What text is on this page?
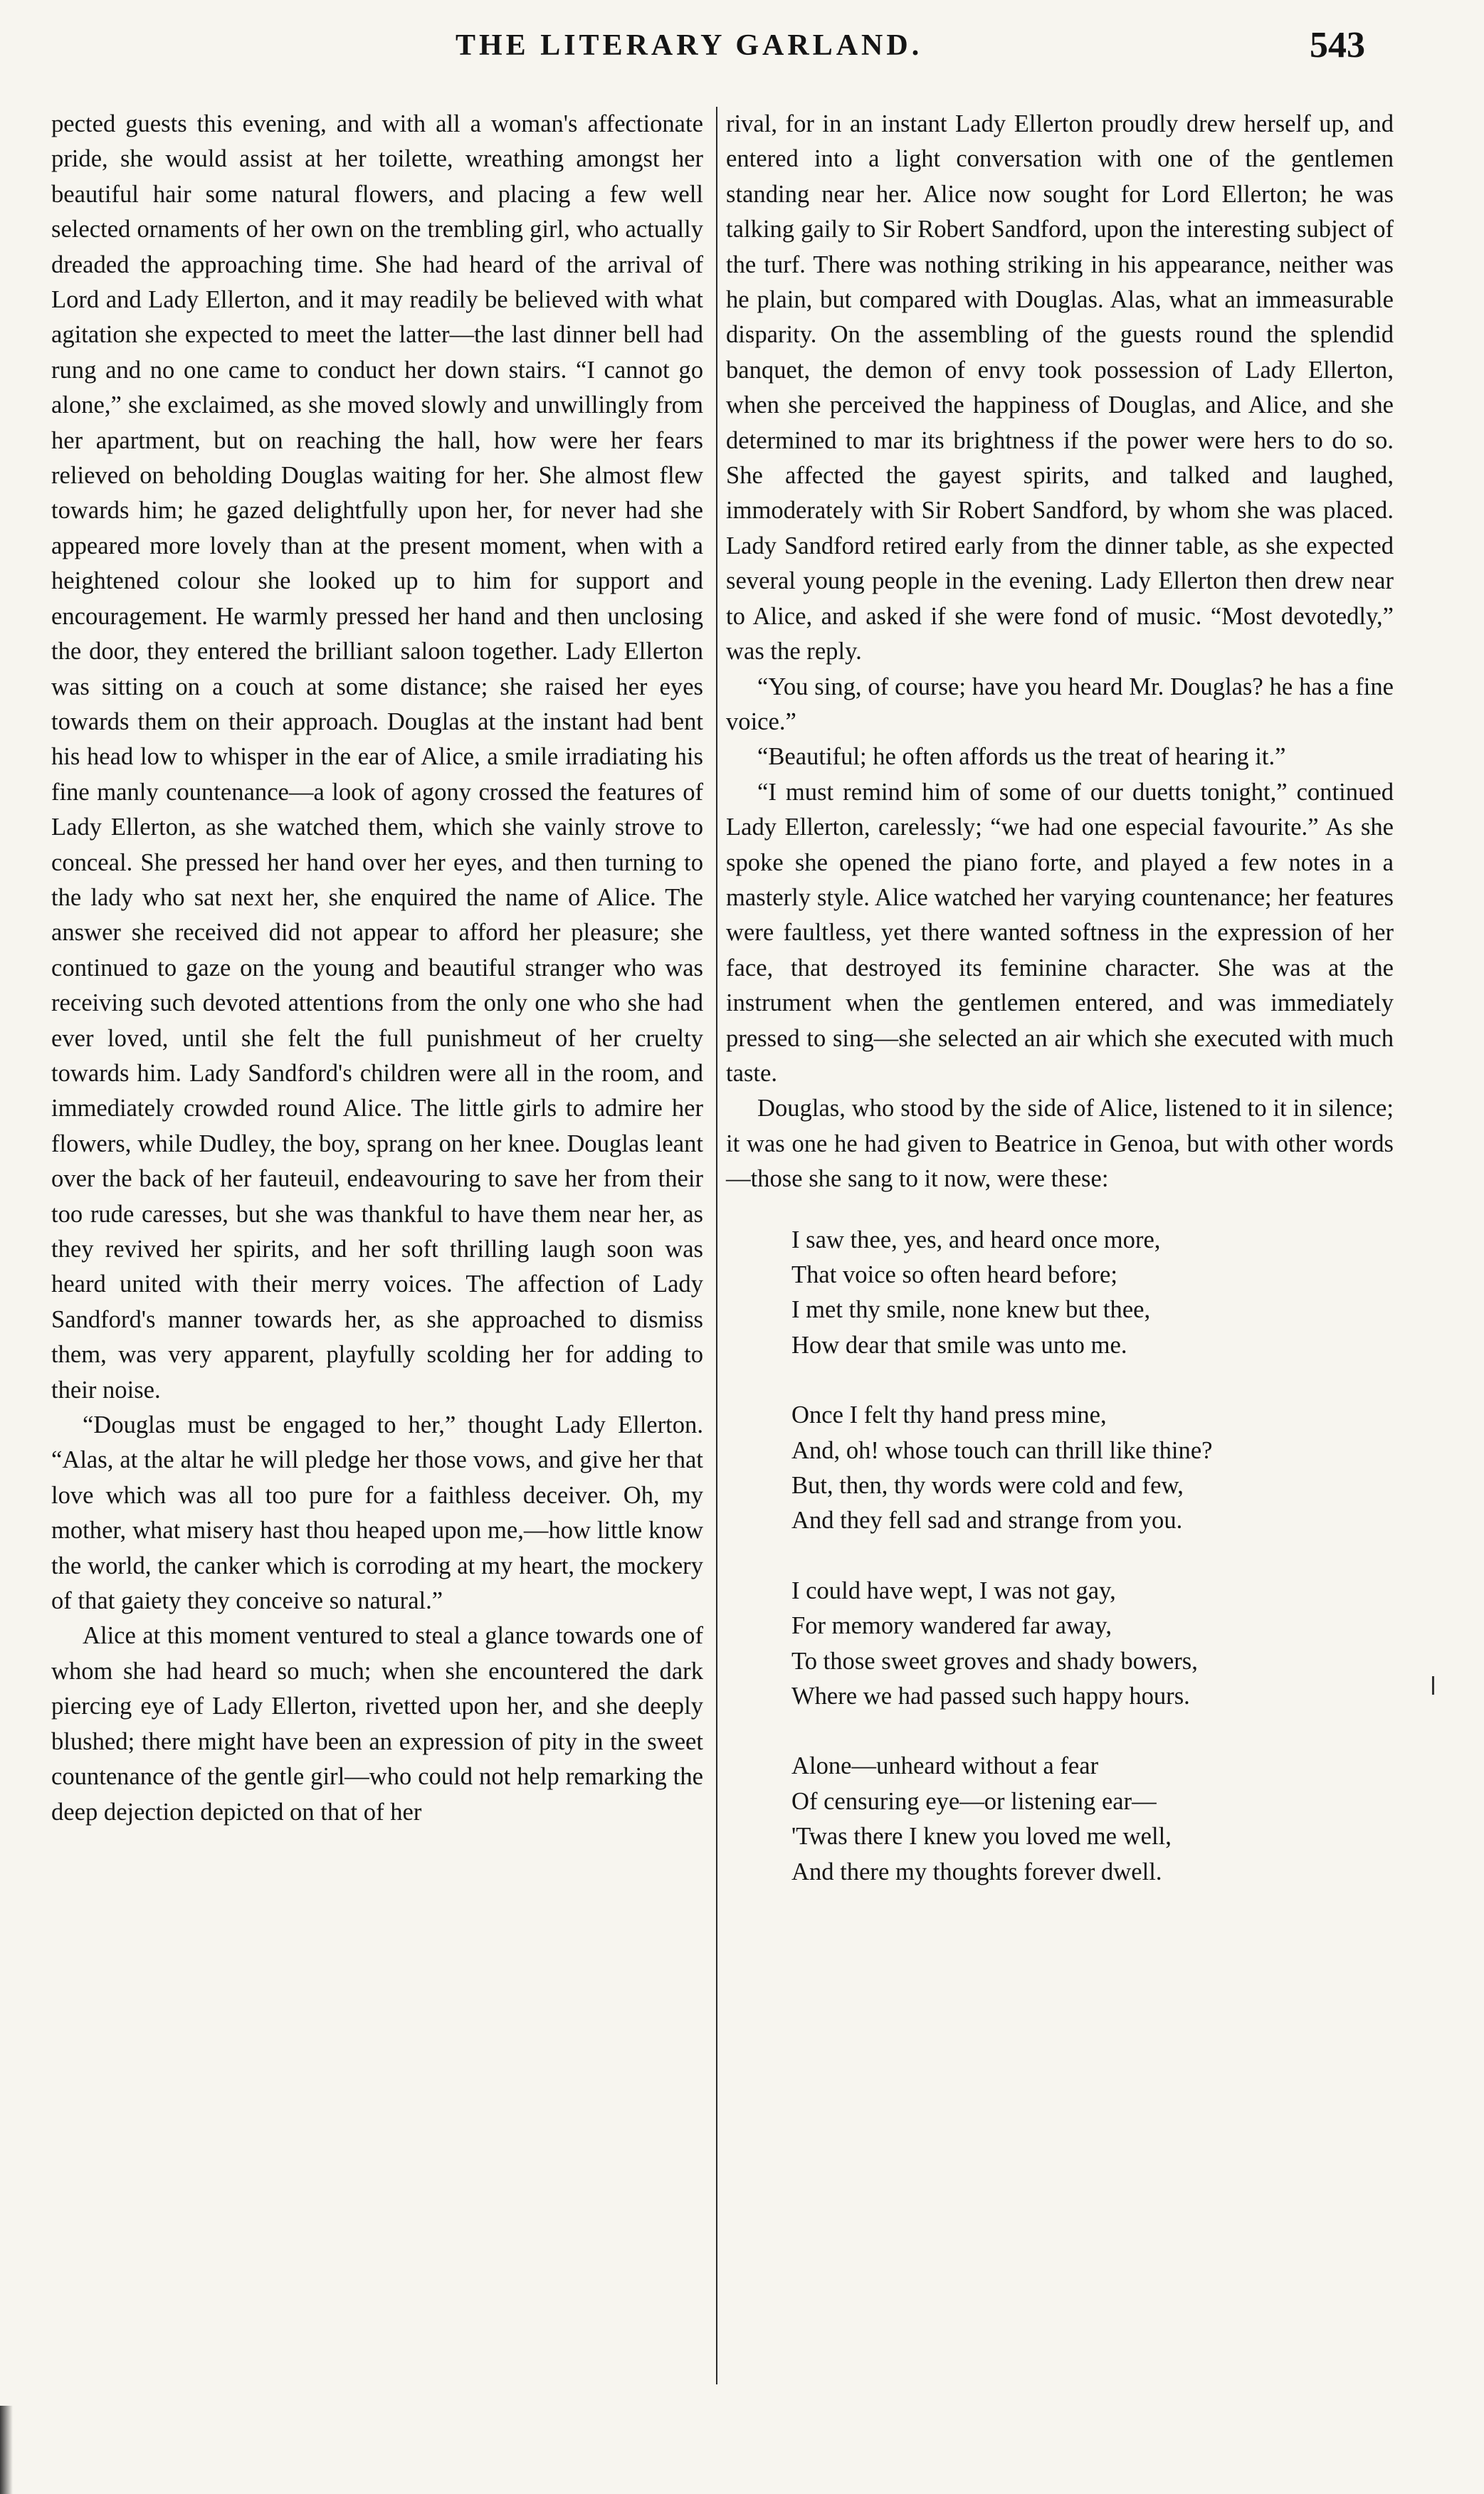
THE LITERARY GARLAND.	543

pected guests this evening, and with all a woman's affectionate pride, she would assist at her toilette, wreathing amongst her beautiful hair some natural flowers, and placing a few well selected ornaments of her own on the trembling girl, who actually dreaded the approaching time. She had heard of the arrival of Lord and Lady Ellerton, and it may readily be believed with what agitation she expected to meet the latter—the last dinner bell had rung and no one came to conduct her down stairs. “I cannot go alone,” she exclaimed, as she moved slowly and unwillingly from her apartment, but on reaching the hall, how were her fears relieved on beholding Douglas waiting for her. She almost flew towards him; he gazed delightfully upon her, for never had she appeared more lovely than at the present moment, when with a heightened colour she looked up to him for support and encouragement. He warmly pressed her hand and then unclosing the door, they entered the brilliant saloon together. Lady Ellerton was sitting on a couch at some distance; she raised her eyes towards them on their approach. Douglas at the instant had bent his head low to whisper in the ear of Alice, a smile irradiating his fine manly countenance—a look of agony crossed the features of Lady Ellerton, as she watched them, which she vainly strove to conceal. She pressed her hand over her eyes, and then turning to the lady who sat next her, she enquired the name of Alice. The answer she received did not appear to afford her pleasure; she continued to gaze on the young and beautiful stranger who was receiving such devoted attentions from the only one who she had ever loved, until she felt the full punishmeut of her cruelty towards him. Lady Sandford's children were all in the room, and immediately crowded round Alice. The little girls to admire her flowers, while Dudley, the boy, sprang on her knee. Douglas leant over the back of her fauteuil, endeavouring to save her from their too rude caresses, but she was thankful to have them near her, as they revived her spirits, and her soft thrilling laugh soon was heard united with their merry voices. The affection of Lady Sandford's manner towards her, as she approached to dismiss them, was very apparent, playfully scolding her for adding to their noise.

“Douglas must be engaged to her,” thought Lady Ellerton. “Alas, at the altar he will pledge her those vows, and give her that love which was all too pure for a faithless deceiver. Oh, my mother, what misery hast thou heaped upon me,—how little know the world, the canker which is corroding at my heart, the mockery of that gaiety they conceive so natural.”

Alice at this moment ventured to steal a glance towards one of whom she had heard so much; when she encountered the dark piercing eye of Lady Ellerton, rivetted upon her, and she deeply blushed; there might have been an expression of pity in the sweet countenance of the gentle girl—who could not help remarking the deep dejection depicted on that of her

rival, for in an instant Lady Ellerton proudly drew herself up, and entered into a light conversation with one of the gentlemen standing near her. Alice now sought for Lord Ellerton; he was talking gaily to Sir Robert Sandford, upon the interesting subject of the turf. There was nothing striking in his appearance, neither was he plain, but compared with Douglas. Alas, what an immeasurable disparity. On the assembling of the guests round the splendid banquet, the demon of envy took possession of Lady Ellerton, when she perceived the happiness of Douglas, and Alice, and she determined to mar its brightness if the power were hers to do so. She affected the gayest spirits, and talked and laughed, immoderately with Sir Robert Sandford, by whom she was placed. Lady Sandford retired early from the dinner table, as she expected several young people in the evening. Lady Ellerton then drew near to Alice, and asked if she were fond of music. “Most devotedly,” was the reply.

“You sing, of course; have you heard Mr. Douglas? he has a fine voice.”

“Beautiful; he often affords us the treat of hearing it.”

“I must remind him of some of our duetts tonight,” continued Lady Ellerton, carelessly; “we had one especial favourite.” As she spoke she opened the piano forte, and played a few notes in a masterly style. Alice watched her varying countenance; her features were faultless, yet there wanted softness in the expression of her face, that destroyed its feminine character. She was at the instrument when the gentlemen entered, and was immediately pressed to sing—she selected an air which she executed with much taste.

Douglas, who stood by the side of Alice, listened to it in silence; it was one he had given to Beatrice in Genoa, but with other words—those she sang to it now, were these:

I saw thee, yes, and heard once more,
That voice so often heard before;
I met thy smile, none knew but thee,
How dear that smile was unto me.
Once I felt thy hand press mine,
And, oh! whose touch can thrill like thine?
But, then, thy words were cold and few,
And they fell sad and strange from you.
I could have wept, I was not gay,
For memory wandered far away,
To those sweet groves and shady bowers,
Where we had passed such happy hours.
Alone—unheard without a fear
Of censuring eye—or listening ear—
'Twas there I knew you loved me well,
And there my thoughts forever dwell.
